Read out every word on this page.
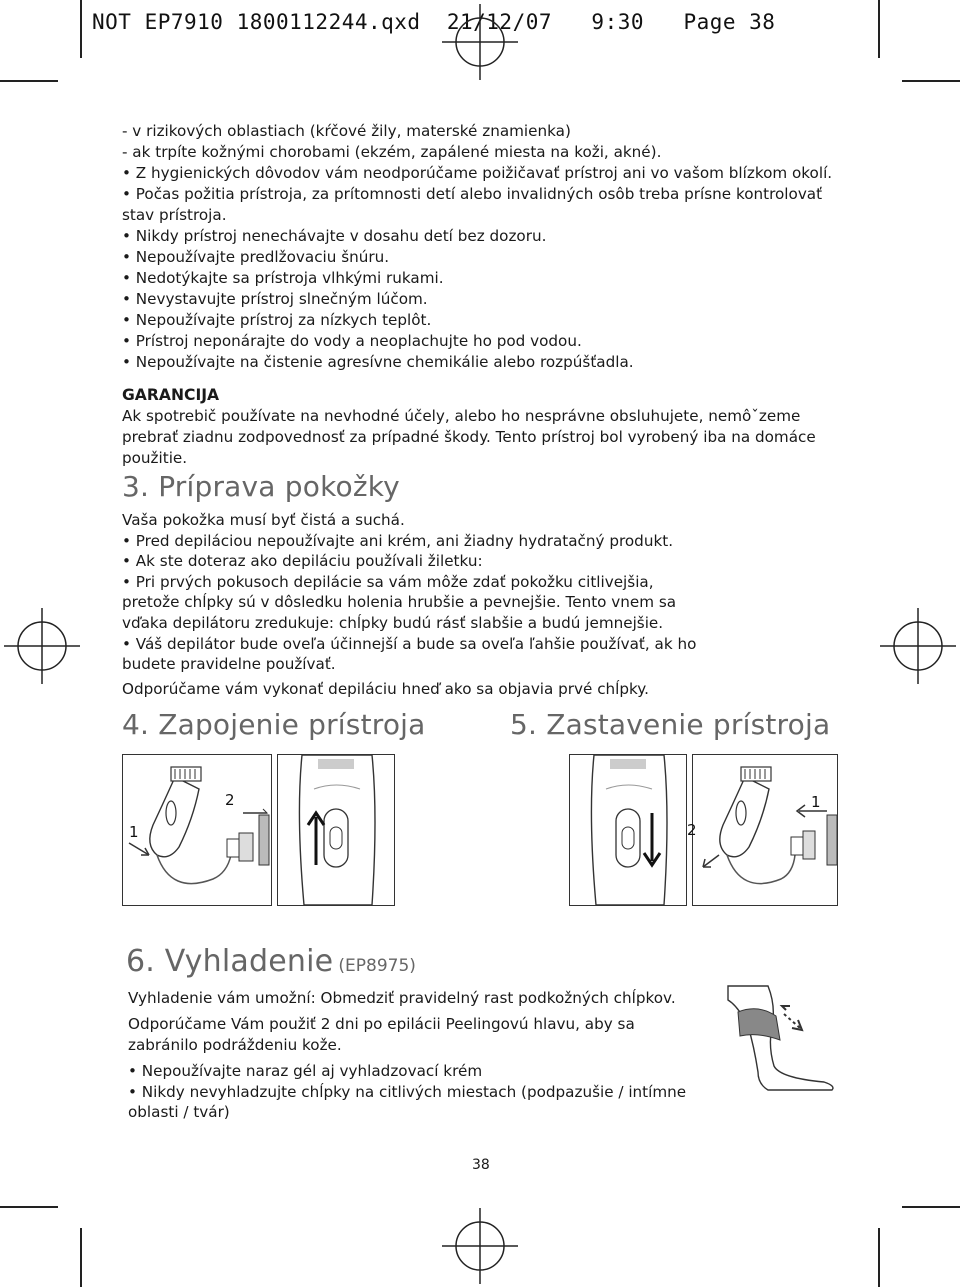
NOT EP7910 1800112244.qxd  21/12/07   9:30   Page 38
- v rizikových oblastiach (kŕčové žily, materské znamienka)
- ak trpíte kožnými chorobami (ekzém, zapálené miesta na koži, akné).
• Z hygienických dôvodov vám neodporúčame poižičavať prístroj ani vo vašom blízkom okolí.
• Počas požitia prístroja, za prítomnosti detí alebo invalidných osôb treba prísne kontrolovať
stav prístroja.
• Nikdy prístroj nenechávajte v dosahu detí bez dozoru.
• Nepoužívajte predlžovaciu šnúru.
• Nedotýkajte sa prístroja vlhkými rukami.
• Nevystavujte prístroj slnečným lúčom.
• Nepoužívajte prístroj za nízkych teplôt.
• Prístroj neponárajte do vody a neoplachujte ho pod vodou.
• Nepoužívajte na čistenie agresívne chemikálie alebo rozpúšťadla.
GARANCIJA
Ak spotrebič používate na nevhodné účely, alebo ho nesprávne obsluhujete, nemôˇzeme
prebrať ziadnu zodpovednosť za prípadné škody. Tento prístroj bol vyrobený iba na domáce
použitie.
3. Príprava pokožky
Vaša pokožka musí byť čistá a suchá.
• Pred depiláciou nepoužívajte ani krém, ani žiadny hydratačný produkt.
• Ak ste doteraz ako depiláciu používali žiletku:
• Pri prvých pokusoch depilácie sa vám môže zdať pokožku citlivejšia,
pretože chĺpky sú v dôsledku holenia hrubšie a pevnejšie. Tento vnem sa
vďaka depilátoru zredukuje: chĺpky budú rásť slabšie a budú jemnejšie.
• Váš depilátor bude oveľa účinnejší a bude sa oveľa ľahšie používať, ak ho
budete pravidelne používať.
Odporúčame vám vykonať depiláciu hneď ako sa objavia prvé chĺpky.
4. Zapojenie prístroja	5. Zastavenie prístroja
1
2	1
2
6. Vyhladenie (EP8975)
Vyhladenie vám umožní: Obmedziť pravidelný rast podkožných chĺpkov.
Odporúčame Vám použiť 2 dni po epilácii Peelingovú hlavu, aby sa
zabránilo podráždeniu kože.
• Nepoužívajte naraz gél aj vyhladzovací krém
• Nikdy nevyhladzujte chĺpky na citlivých miestach (podpazušie / intímne
oblasti / tvár)
38
